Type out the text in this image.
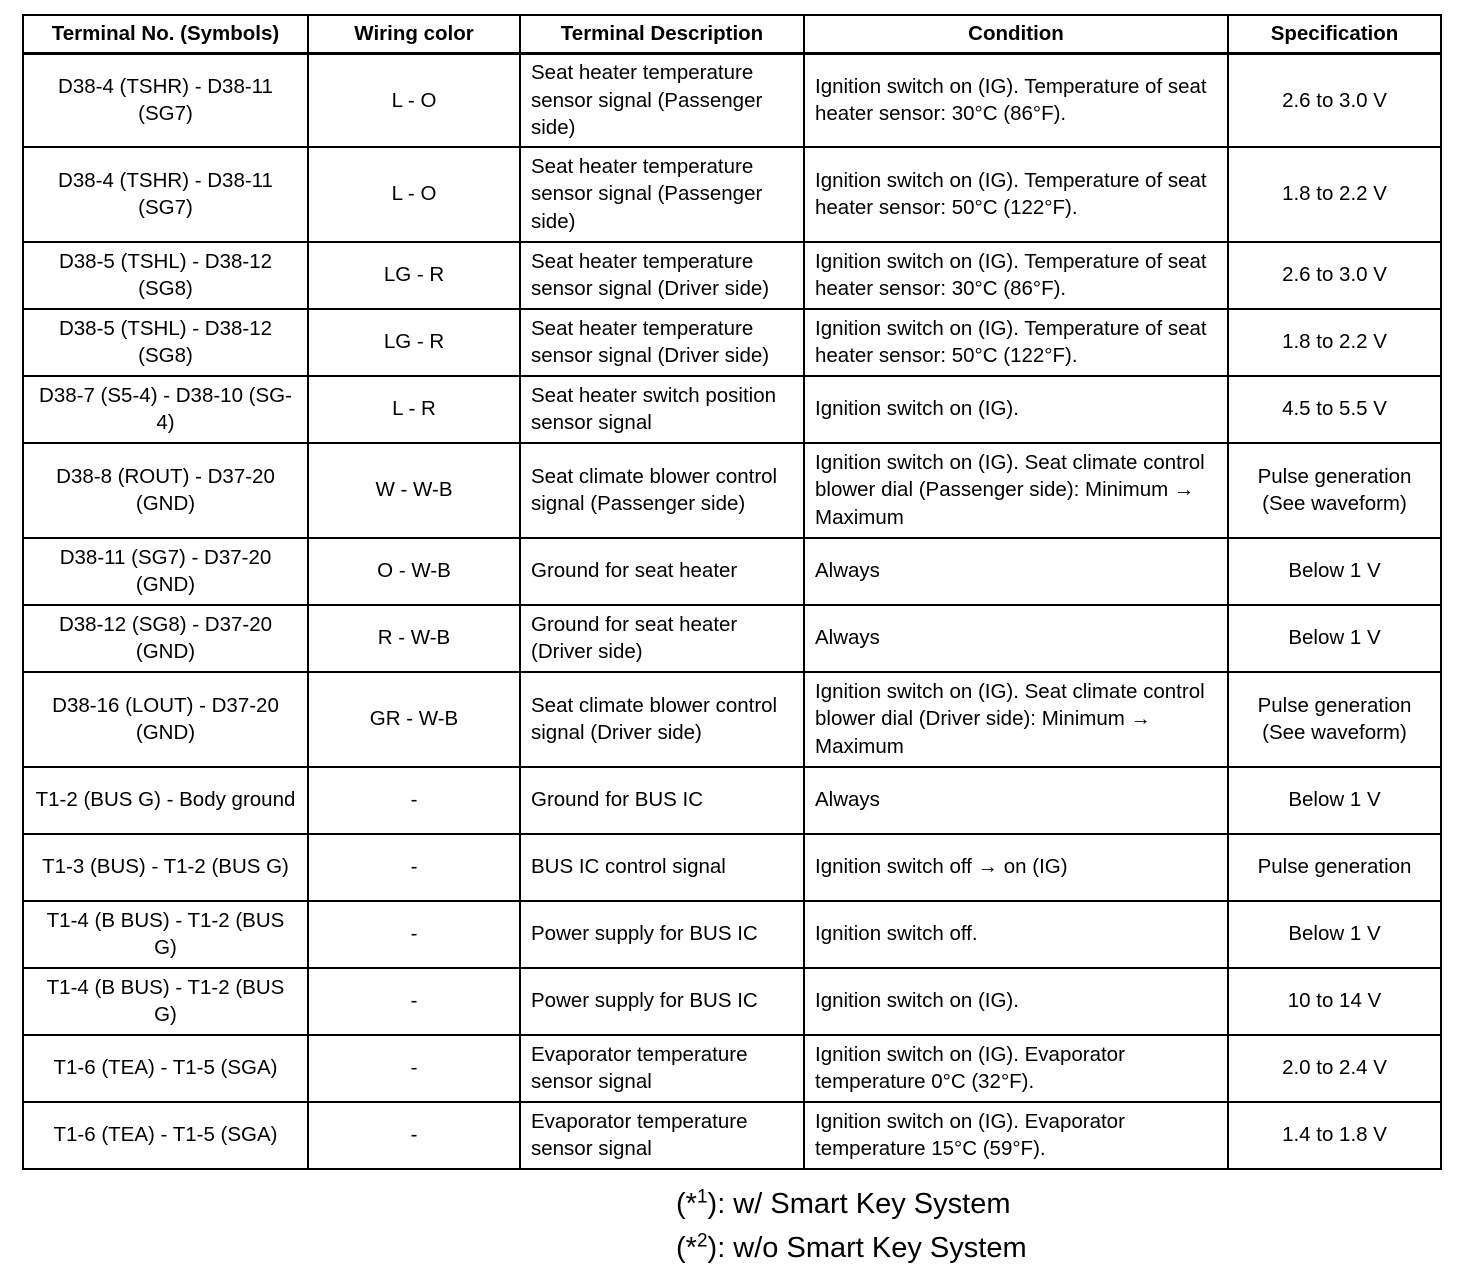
Terminal No. (Symbols)	Wiring color	Terminal Description	Condition	Specification
D38-4 (TSHR) - D38-11 (SG7)	L - O	Seat heater temperature sensor signal (Passenger side)	Ignition switch on (IG). Temperature of seat heater sensor: 30°C (86°F).	2.6 to 3.0 V
D38-4 (TSHR) - D38-11 (SG7)	L - O	Seat heater temperature sensor signal (Passenger side)	Ignition switch on (IG). Temperature of seat heater sensor: 50°C (122°F).	1.8 to 2.2 V
D38-5 (TSHL) - D38-12 (SG8)	LG - R	Seat heater temperature sensor signal (Driver side)	Ignition switch on (IG). Temperature of seat heater sensor: 30°C (86°F).	2.6 to 3.0 V
D38-5 (TSHL) - D38-12 (SG8)	LG - R	Seat heater temperature sensor signal (Driver side)	Ignition switch on (IG). Temperature of seat heater sensor: 50°C (122°F).	1.8 to 2.2 V
D38-7 (S5-4) - D38-10 (SG-4)	L - R	Seat heater switch position sensor signal	Ignition switch on (IG).	4.5 to 5.5 V
D38-8 (ROUT) - D37-20 (GND)	W - W-B	Seat climate blower control signal (Passenger side)	Ignition switch on (IG). Seat climate control blower dial (Passenger side): Minimum → Maximum	Pulse generation (See waveform)
D38-11 (SG7) - D37-20 (GND)	O - W-B	Ground for seat heater	Always	Below 1 V
D38-12 (SG8) - D37-20 (GND)	R - W-B	Ground for seat heater (Driver side)	Always	Below 1 V
D38-16 (LOUT) - D37-20 (GND)	GR - W-B	Seat climate blower control signal (Driver side)	Ignition switch on (IG). Seat climate control blower dial (Driver side): Minimum → Maximum	Pulse generation (See waveform)
T1-2 (BUS G) - Body ground	-	Ground for BUS IC	Always	Below 1 V
T1-3 (BUS) - T1-2 (BUS G)	-	BUS IC control signal	Ignition switch off → on (IG)	Pulse generation
T1-4 (B BUS) - T1-2 (BUS G)	-	Power supply for BUS IC	Ignition switch off.	Below 1 V
T1-4 (B BUS) - T1-2 (BUS G)	-	Power supply for BUS IC	Ignition switch on (IG).	10 to 14 V
T1-6 (TEA) - T1-5 (SGA)	-	Evaporator temperature sensor signal	Ignition switch on (IG). Evaporator temperature 0°C (32°F).	2.0 to 2.4 V
T1-6 (TEA) - T1-5 (SGA)	-	Evaporator temperature sensor signal	Ignition switch on (IG). Evaporator temperature 15°C (59°F).	1.4 to 1.8 V
(*$^1$): w/ Smart Key System
(*$^2$): w/o Smart Key System
